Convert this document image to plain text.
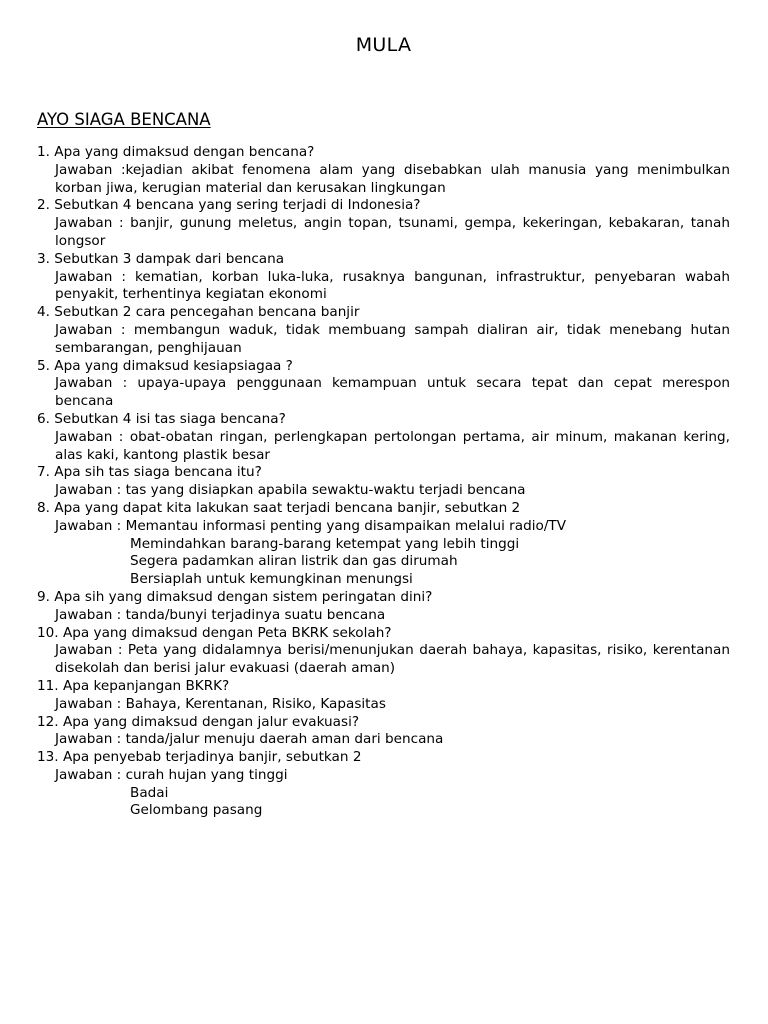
MULA
AYO SIAGA BENCANA
1. Apa yang dimaksud dengan bencana?
Jawaban :kejadian akibat fenomena alam yang disebabkan ulah manusia yang menimbulkan korban jiwa, kerugian material dan kerusakan lingkungan
2. Sebutkan 4 bencana yang sering terjadi di Indonesia?
Jawaban : banjir, gunung meletus, angin topan, tsunami, gempa, kekeringan, kebakaran, tanah longsor
3. Sebutkan 3 dampak dari bencana
Jawaban : kematian, korban luka-luka, rusaknya bangunan, infrastruktur, penyebaran wabah penyakit, terhentinya kegiatan ekonomi
4. Sebutkan 2 cara pencegahan bencana banjir
Jawaban : membangun waduk, tidak membuang sampah dialiran air, tidak menebang hutan sembarangan, penghijauan
5. Apa yang dimaksud kesiapsiagaa ?
Jawaban : upaya-upaya penggunaan kemampuan untuk secara tepat dan cepat merespon bencana
6. Sebutkan 4 isi tas siaga bencana?
Jawaban : obat-obatan ringan, perlengkapan pertolongan pertama, air minum, makanan kering, alas kaki, kantong plastik besar
7. Apa sih tas siaga bencana itu?
Jawaban : tas yang disiapkan apabila sewaktu-waktu terjadi bencana
8. Apa yang dapat kita lakukan saat terjadi bencana banjir, sebutkan 2
Jawaban : Memantau informasi penting yang disampaikan melalui radio/TV
Memindahkan barang-barang ketempat yang lebih tinggi
Segera padamkan aliran listrik dan gas dirumah
Bersiaplah untuk kemungkinan menungsi
9. Apa sih yang dimaksud dengan sistem peringatan dini?
Jawaban : tanda/bunyi terjadinya suatu bencana
10. Apa yang dimaksud dengan Peta BKRK sekolah?
Jawaban : Peta yang didalamnya berisi/menunjukan daerah bahaya, kapasitas, risiko, kerentanan disekolah dan berisi jalur evakuasi (daerah aman)
11. Apa kepanjangan BKRK?
Jawaban : Bahaya, Kerentanan, Risiko, Kapasitas
12. Apa yang dimaksud dengan jalur evakuasi?
Jawaban : tanda/jalur menuju daerah aman dari bencana
13. Apa penyebab terjadinya banjir, sebutkan 2
Jawaban : curah hujan yang tinggi
Badai
Gelombang pasang
